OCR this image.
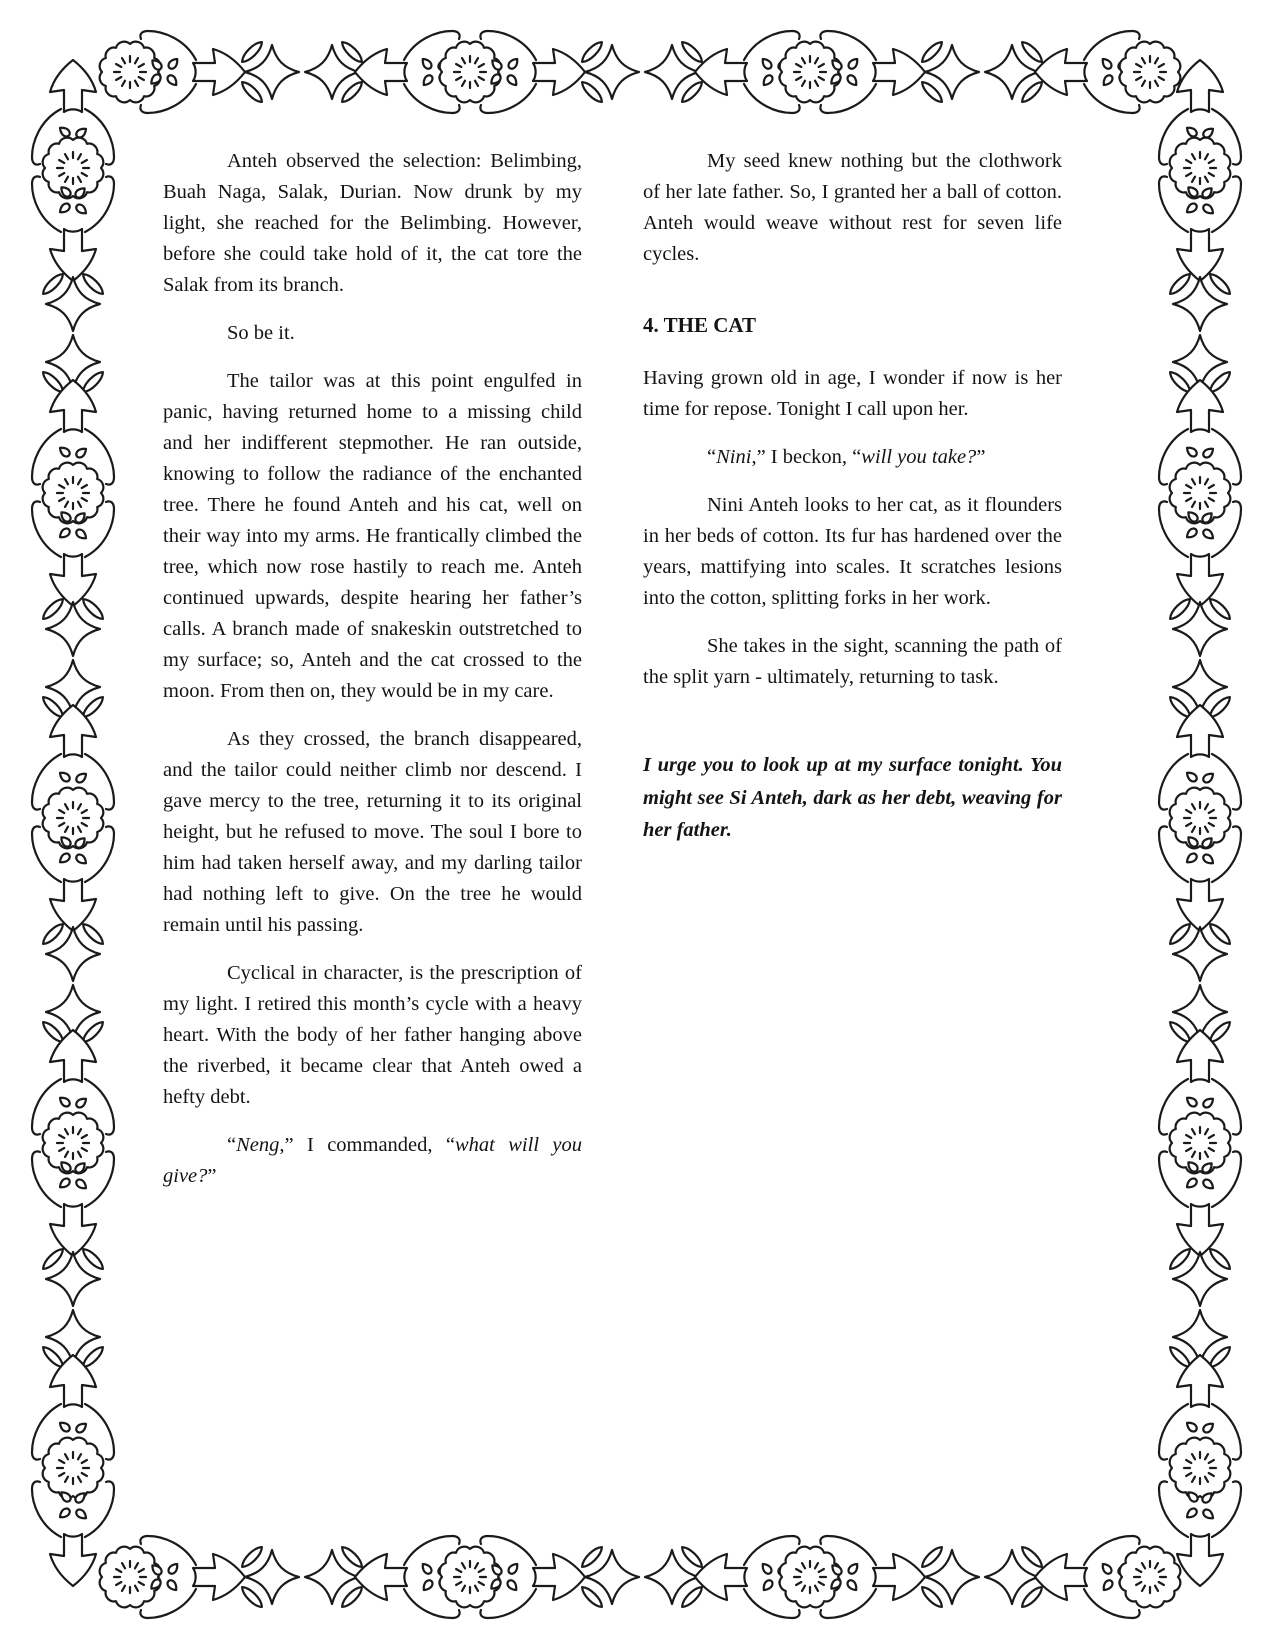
Anteh observed the selection: Belimbing, Buah Naga, Salak, Durian. Now drunk by my light, she reached for the Belimbing. However, before she could take hold of it, the cat tore the Salak from its branch.

So be it.

The tailor was at this point engulfed in panic, having returned home to a missing child and her indifferent stepmother. He ran outside, knowing to follow the radiance of the enchanted tree. There he found Anteh and his cat, well on their way into my arms. He frantically climbed the tree, which now rose hastily to reach me. Anteh continued upwards, despite hearing her father’s calls. A branch made of snakeskin outstretched to my surface; so, Anteh and the cat crossed to the moon. From then on, they would be in my care.

As they crossed, the branch disappeared, and the tailor could neither climb nor descend. I gave mercy to the tree, returning it to its original height, but he refused to move. The soul I bore to him had taken herself away, and my darling tailor had nothing left to give. On the tree he would remain until his passing.

Cyclical in character, is the prescription of my light. I retired this month’s cycle with a heavy heart. With the body of her father hanging above the riverbed, it became clear that Anteh owed a hefty debt.

“Neng,” I commanded, “what will you give?”

My seed knew nothing but the clothwork of her late father. So, I granted her a ball of cotton. Anteh would weave without rest for seven life cycles.

4. THE CAT

Having grown old in age, I wonder if now is her time for repose. Tonight I call upon her.

“Nini,” I beckon, “will you take?”

Nini Anteh looks to her cat, as it flounders in her beds of cotton. Its fur has hardened over the years, mattifying into scales. It scratches lesions into the cotton, splitting forks in her work.

She takes in the sight, scanning the path of the split yarn - ultimately, returning to task.

I urge you to look up at my surface tonight. You might see Si Anteh, dark as her debt, weaving for her father.
